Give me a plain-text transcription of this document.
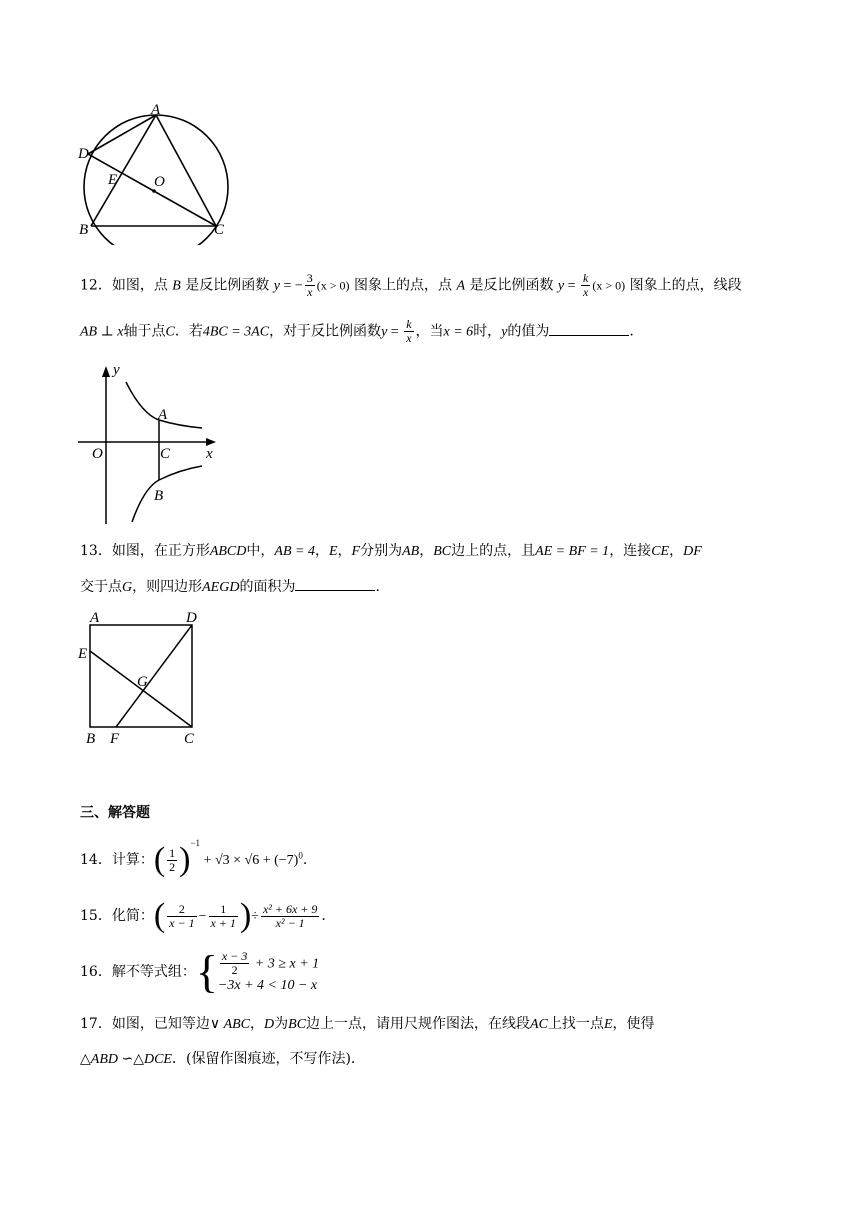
A
D
E O
B	C
12．如图，点 B 是反比例函数 y = − $\frac{3}{x} (x > 0)$ 图象上的点，点 A 是反比例函数 $y = \frac{k}{x} (x > 0)$ 图象上的点，线段
AB ⊥ x轴于点C．若4BC = 3AC，对于反比例函数$y = \frac{k}{x}$ ，当x = 6时，y的值为	.
y
x
O
A
C
B
13．如图，在正方形ABCD中，AB = 4，E，F分别为AB，BC边上的点，且AE = BF = 1，连接CE，DF
交于点G，则四边形AEGD的面积为	.
A	D
E
G
B F	C
三、解答题
14．计算：( $\frac{1}{2} )^{-1} + √3 \times √6 + (-7)^0$.
15．化简：( $\frac{2}{x - 1} - \frac{1}{x + 1}$ )÷ $\frac{\text{x² + 6x + 9}}{\text{x² − 1}}$ .
16．解不等式组：{ $\frac{x - 3}{2} + 3 \ge x + 1$
−3x + 4 < 10 − x
17．如图，已知等边∨ ABC，D为BC边上一点，请用尺规作图法，在线段AC上找一点E，使得
△ABD ∽△DCE．(保留作图痕迹，不写作法)．
